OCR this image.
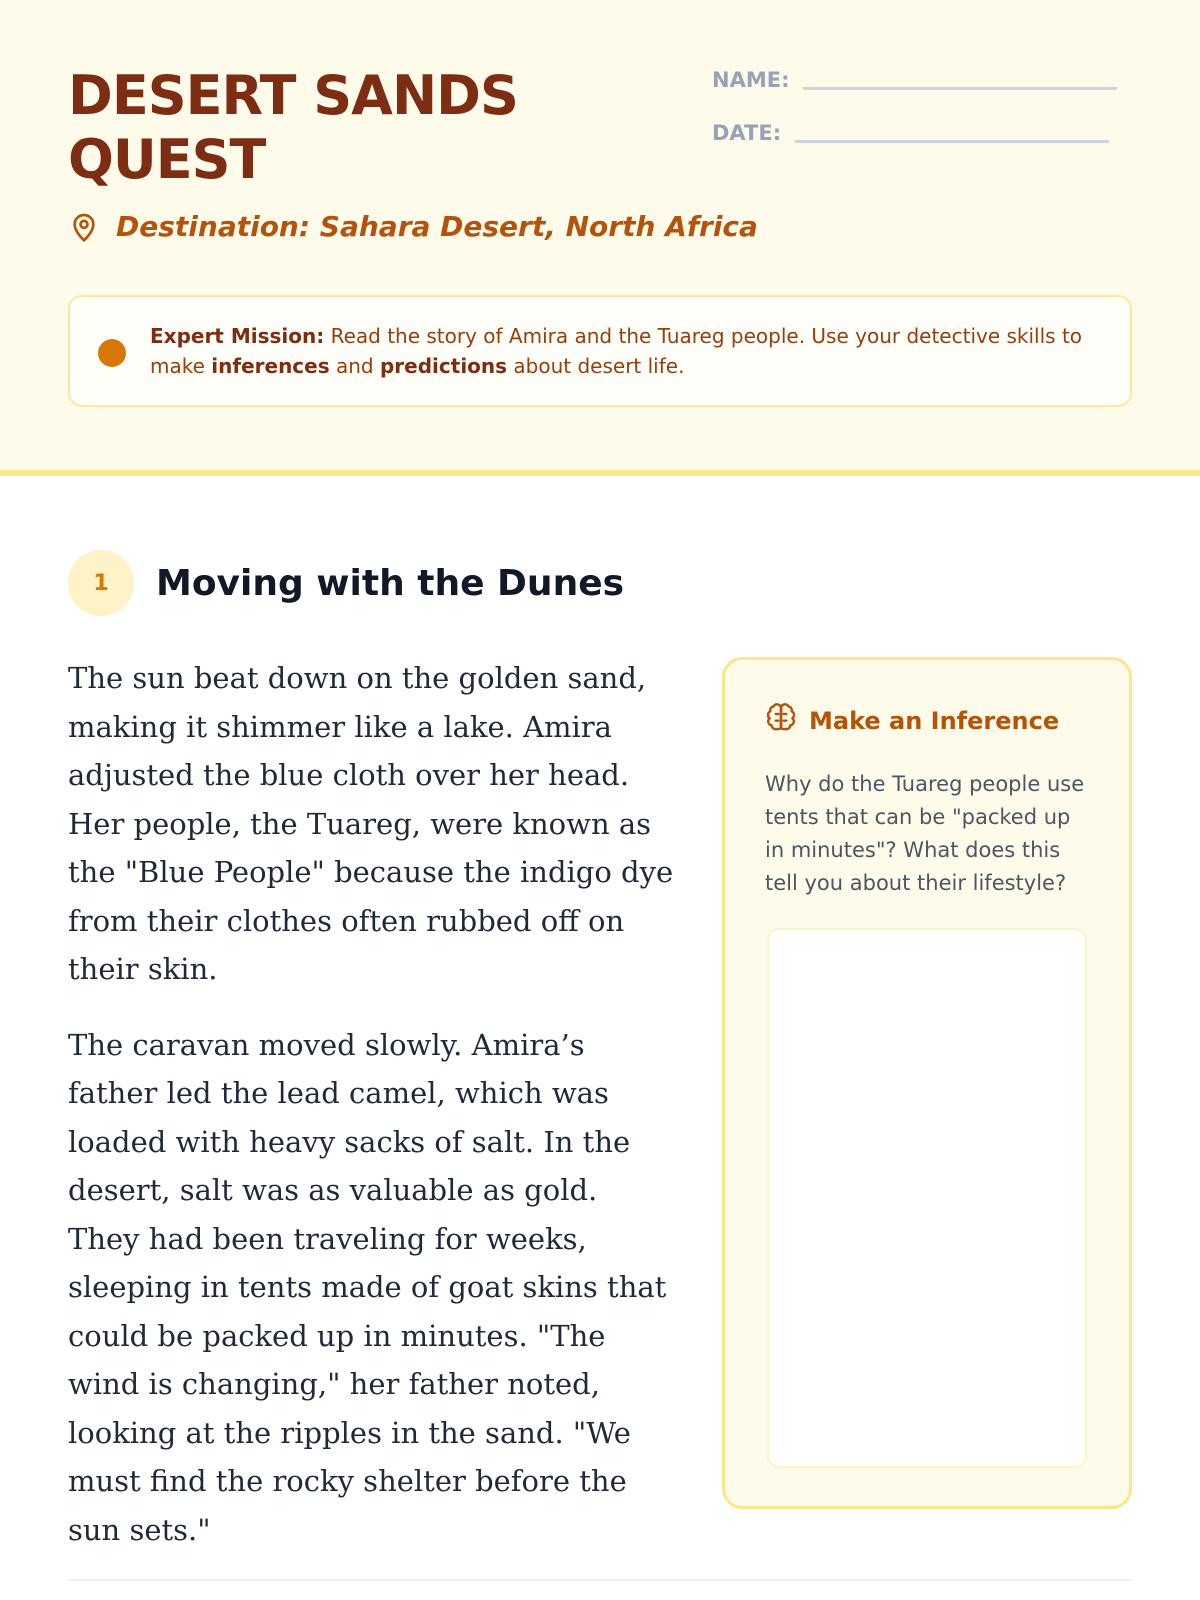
DESERT SANDS QUEST
NAME:
DATE:
Destination: Sahara Desert, North Africa
Expert Mission: Read the story of Amira and the Tuareg people. Use your detective skills to make inferences and predictions about desert life.
1	Moving with the Dunes

The sun beat down on the golden sand, making it shimmer like a lake. Amira adjusted the blue cloth over her head. Her people, the Tuareg, were known as the "Blue People" because the indigo dye from their clothes often rubbed off on their skin.

The caravan moved slowly. Amira’s father led the lead camel, which was loaded with heavy sacks of salt. In the desert, salt was as valuable as gold. They had been traveling for weeks, sleeping in tents made of goat skins that could be packed up in minutes. "The wind is changing," her father noted, looking at the ripples in the sand. "We must find the rocky shelter before the sun sets."

Make an Inference
Why do the Tuareg people use tents that can be "packed up in minutes"? What does this tell you about their lifestyle?
